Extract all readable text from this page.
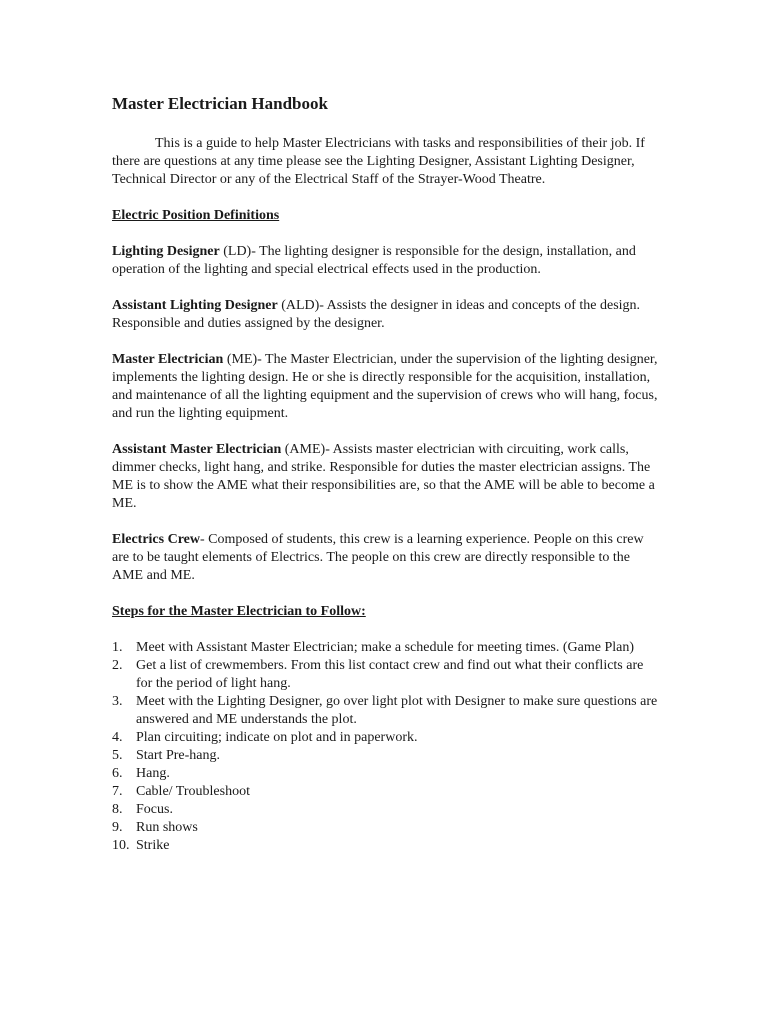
Master Electrician Handbook

This is a guide to help Master Electricians with tasks and responsibilities of their job. If there are questions at any time please see the Lighting Designer, Assistant Lighting Designer, Technical Director or any of the Electrical Staff of the Strayer-Wood Theatre.

Electric Position Definitions

Lighting Designer (LD)- The lighting designer is responsible for the design, installation, and operation of the lighting and special electrical effects used in the production.

Assistant Lighting Designer (ALD)- Assists the designer in ideas and concepts of the design. Responsible and duties assigned by the designer.

Master Electrician (ME)- The Master Electrician, under the supervision of the lighting designer, implements the lighting design. He or she is directly responsible for the acquisition, installation, and maintenance of all the lighting equipment and the supervision of crews who will hang, focus, and run the lighting equipment.

Assistant Master Electrician (AME)- Assists master electrician with circuiting, work calls, dimmer checks, light hang, and strike. Responsible for duties the master electrician assigns. The ME is to show the AME what their responsibilities are, so that the AME will be able to become a ME.

Electrics Crew- Composed of students, this crew is a learning experience. People on this crew are to be taught elements of Electrics. The people on this crew are directly responsible to the AME and ME.

Steps for the Master Electrician to Follow:
1. Meet with Assistant Master Electrician; make a schedule for meeting times. (Game Plan)
2. Get a list of crewmembers. From this list contact crew and find out what their conflicts are for the period of light hang.
3. Meet with the Lighting Designer, go over light plot with Designer to make sure questions are answered and ME understands the plot.
4. Plan circuiting; indicate on plot and in paperwork.
5. Start Pre-hang.
6. Hang.
7. Cable/ Troubleshoot
8. Focus.
9. Run shows
10. Strike
